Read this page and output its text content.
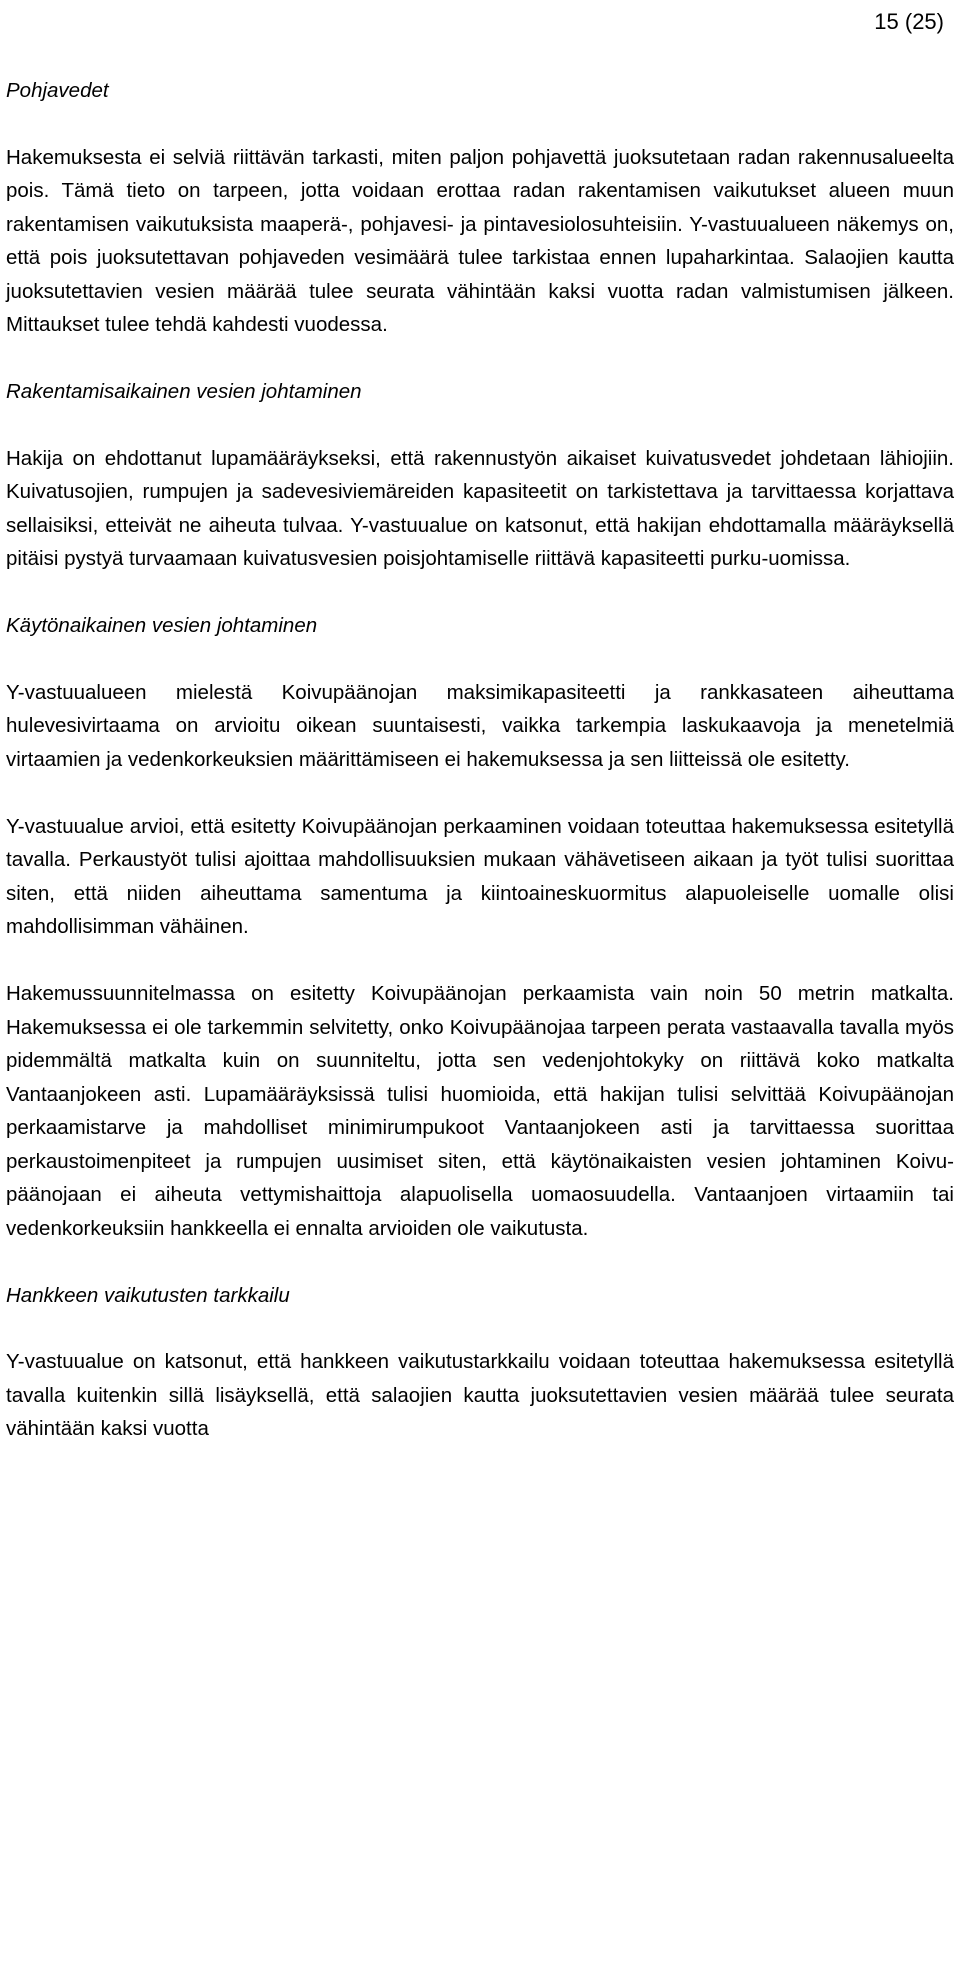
15 (25)
Pohjavedet

Hakemuksesta ei selviä riittävän tarkasti, miten paljon pohjavettä juoksutetaan radan rakennusalueelta pois. Tämä tieto on tarpeen, jotta voidaan erottaa radan rakentamisen vaikutukset alueen muun rakentamisen vaikutuksista maaperä-, pohjavesi- ja pintavesiolosuhteisiin. Y-vastuualueen näkemys on, että pois juoksutettavan pohjaveden vesimäärä tulee tarkistaa ennen lupaharkintaa. Salaojien kautta juoksutettavien vesien määrää tulee seurata vähintään kaksi vuotta radan valmistumisen jälkeen. Mittaukset tulee tehdä kahdesti vuodessa.

Rakentamisaikainen vesien johtaminen

Hakija on ehdottanut lupamääräykseksi, että rakennustyön aikaiset kuivatusvedet johdetaan lähiojiin. Kuivatusojien, rumpujen ja sadevesiviemäreiden kapasiteetit on tarkistettava ja tarvittaessa korjattava sellaisiksi, etteivät ne aiheuta tulvaa. Y-vastuualue on katsonut, että hakijan ehdottamalla määräyksellä pitäisi pystyä turvaamaan kuivatusvesien poisjohtamiselle riittävä kapasiteetti purku-uomissa.

Käytönaikainen vesien johtaminen

Y-vastuualueen mielestä Koivupäänojan maksimikapasiteetti ja rankkasateen aiheuttama hulevesivirtaama on arvioitu oikean suuntaisesti, vaikka tarkempia laskukaavoja ja menetelmiä virtaamien ja vedenkorkeuksien määrittämiseen ei hakemuksessa ja sen liitteissä ole esitetty.

Y-vastuualue arvioi, että esitetty Koivupäänojan perkaaminen voidaan toteuttaa hakemuksessa esitetyllä tavalla. Perkaustyöt tulisi ajoittaa mahdollisuuksien mukaan vähävetiseen aikaan ja työt tulisi suorittaa siten, että niiden aiheuttama samentuma ja kiintoaineskuormitus alapuoleiselle uomalle olisi mahdollisimman vähäinen.

Hakemussuunnitelmassa on esitetty Koivupäänojan perkaamista vain noin 50 metrin matkalta. Hakemuksessa ei ole tarkemmin selvitetty, onko Koivupäänojaa tarpeen perata vastaavalla tavalla myös pidemmältä matkalta kuin on suunniteltu, jotta sen vedenjohtokyky on riittävä koko matkalta Vantaanjokeen asti. Lupamääräyksissä tulisi huomioida, että hakijan tulisi selvittää Koivupäänojan perkaamistarve ja mahdolliset minimirumpukoot Vantaanjokeen asti ja tarvittaessa suorittaa perkaustoimenpiteet ja rumpujen uusimiset siten, että käytönaikaisten vesien johtaminen Koivupäänojaan ei aiheuta vettymishaittoja alapuolisella uomaosuudella. Vantaanjoen virtaamiin tai vedenkorkeuksiin hankkeella ei ennalta arvioiden ole vaikutusta.

Hankkeen vaikutusten tarkkailu

Y-vastuualue on katsonut, että hankkeen vaikutustarkkailu voidaan toteuttaa hakemuksessa esitetyllä tavalla kuitenkin sillä lisäyksellä, että salaojien kautta juoksutettavien vesien määrää tulee seurata vähintään kaksi vuotta
